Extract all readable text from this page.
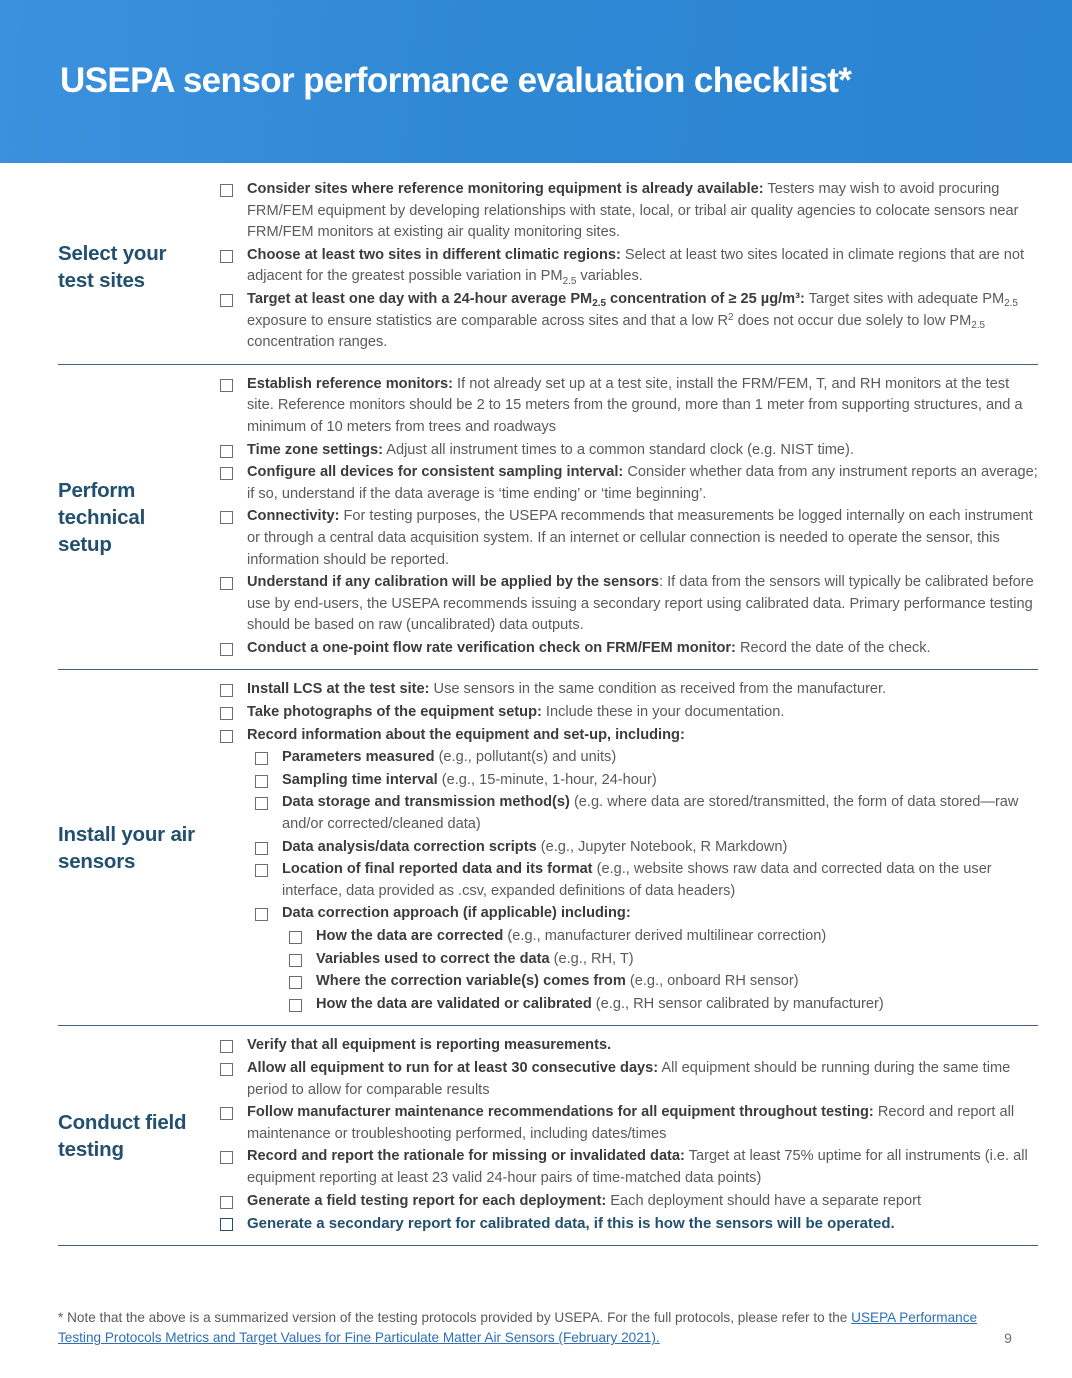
USEPA sensor performance evaluation checklist*
Select your test sites
Consider sites where reference monitoring equipment is already available: Testers may wish to avoid procuring FRM/FEM equipment by developing relationships with state, local, or tribal air quality agencies to colocate sensors near FRM/FEM monitors at existing air quality monitoring sites.
Choose at least two sites in different climatic regions: Select at least two sites located in climate regions that are not adjacent for the greatest possible variation in $PM_{2.5}$ variables.
Target at least one day with a 24-hour average $PM_{2.5}$ concentration of ≥ 25 µg/m³: Target sites with adequate $PM_{2.5}$ exposure to ensure statistics are comparable across sites and that a low $R^2$ does not occur due solely to low $PM_{2.5}$ concentration ranges.
Perform technical setup
Establish reference monitors: If not already set up at a test site, install the FRM/FEM, T, and RH monitors at the test site. Reference monitors should be 2 to 15 meters from the ground, more than 1 meter from supporting structures, and a minimum of 10 meters from trees and roadways
Time zone settings: Adjust all instrument times to a common standard clock (e.g. NIST time).
Configure all devices for consistent sampling interval: Consider whether data from any instrument reports an average; if so, understand if the data average is ‘time ending’ or ‘time beginning’.
Connectivity: For testing purposes, the USEPA recommends that measurements be logged internally on each instrument or through a central data acquisition system. If an internet or cellular connection is needed to operate the sensor, this information should be reported.
Understand if any calibration will be applied by the sensors: If data from the sensors will typically be calibrated before use by end-users, the USEPA recommends issuing a secondary report using calibrated data. Primary performance testing should be based on raw (uncalibrated) data outputs.
Conduct a one-point flow rate verification check on FRM/FEM monitor: Record the date of the check.
Install your air sensors
Install LCS at the test site: Use sensors in the same condition as received from the manufacturer.
Take photographs of the equipment setup: Include these in your documentation.
Record information about the equipment and set-up, including:
Parameters measured (e.g., pollutant(s) and units)
Sampling time interval (e.g., 15-minute, 1-hour, 24-hour)
Data storage and transmission method(s) (e.g. where data are stored/transmitted, the form of data stored—raw and/or corrected/cleaned data)
Data analysis/data correction scripts (e.g., Jupyter Notebook, R Markdown)
Location of final reported data and its format (e.g., website shows raw data and corrected data on the user interface, data provided as .csv, expanded definitions of data headers)
Data correction approach (if applicable) including:
How the data are corrected (e.g., manufacturer derived multilinear correction)
Variables used to correct the data (e.g., RH, T)
Where the correction variable(s) comes from (e.g., onboard RH sensor)
How the data are validated or calibrated (e.g., RH sensor calibrated by manufacturer)
Conduct field testing
Verify that all equipment is reporting measurements.
Allow all equipment to run for at least 30 consecutive days: All equipment should be running during the same time period to allow for comparable results
Follow manufacturer maintenance recommendations for all equipment throughout testing: Record and report all maintenance or troubleshooting performed, including dates/times
Record and report the rationale for missing or invalidated data: Target at least 75% uptime for all instruments (i.e. all equipment reporting at least 23 valid 24-hour pairs of time-matched data points)
Generate a field testing report for each deployment: Each deployment should have a separate report
Generate a secondary report for calibrated data, if this is how the sensors will be operated.
* Note that the above is a summarized version of the testing protocols provided by USEPA. For the full protocols, please refer to the USEPA Performance Testing Protocols Metrics and Target Values for Fine Particulate Matter Air Sensors (February 2021).	9
